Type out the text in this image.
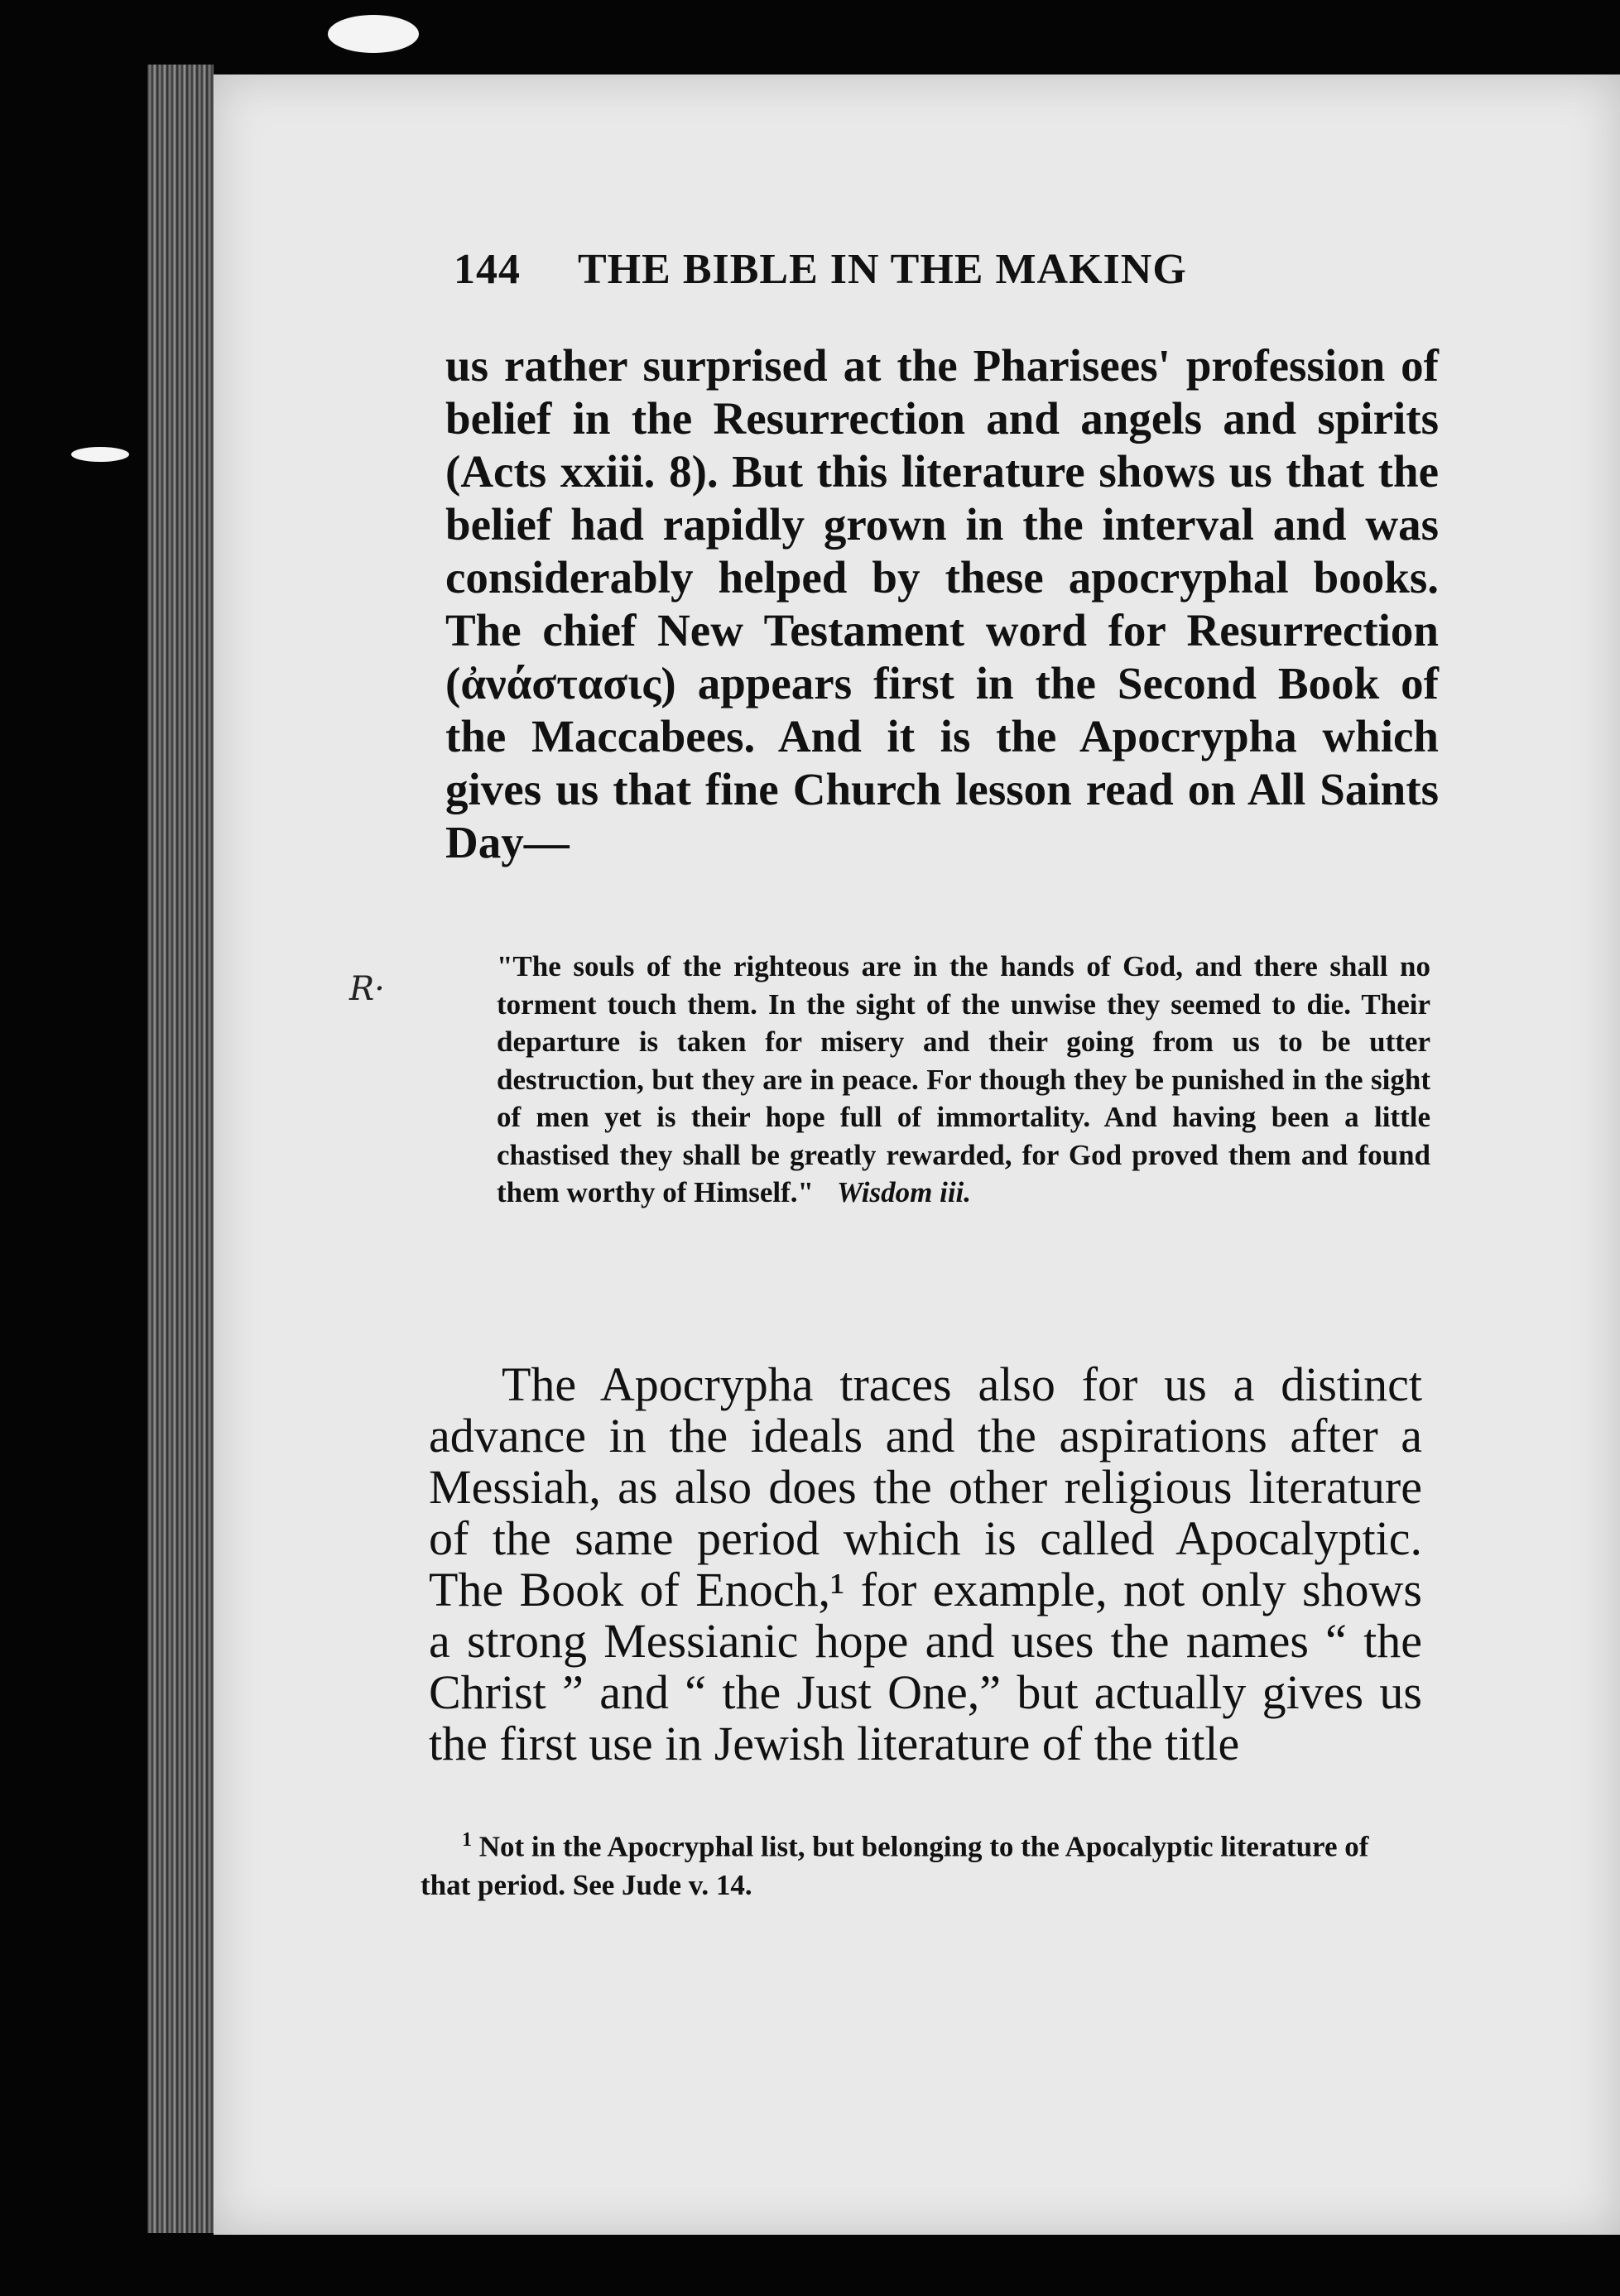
R·
144	THE BIBLE IN THE MAKING

us rather surprised at the Pharisees' profession of belief in the Resurrection and angels and spirits (Acts xxiii. 8). But this literature shows us that the belief had rapidly grown in the interval and was considerably helped by these apocryphal books. The chief New Testament word for Resurrection (ἀνάστασις) appears first in the Second Book of the Maccabees. And it is the Apocrypha which gives us that fine Church lesson read on All Saints Day—

"The souls of the righteous are in the hands of God, and there shall no torment touch them. In the sight of the unwise they seemed to die. Their departure is taken for misery and their going from us to be utter destruction, but they are in peace. For though they be punished in the sight of men yet is their hope full of immortality. And having been a little chastised they shall be greatly rewarded, for God proved them and found them worthy of Himself." Wisdom iii.

The Apocrypha traces also for us a distinct advance in the ideals and the aspirations after a Messiah, as also does the other religious literature of the same period which is called Apocalyptic. The Book of Enoch,¹ for example, not only shows a strong Messianic hope and uses the names “ the Christ ” and “ the Just One,” but actually gives us the first use in Jewish literature of the title

$^1$ Not in the Apocryphal list, but belonging to the Apocalyptic literature of that period. See Jude v. 14.
